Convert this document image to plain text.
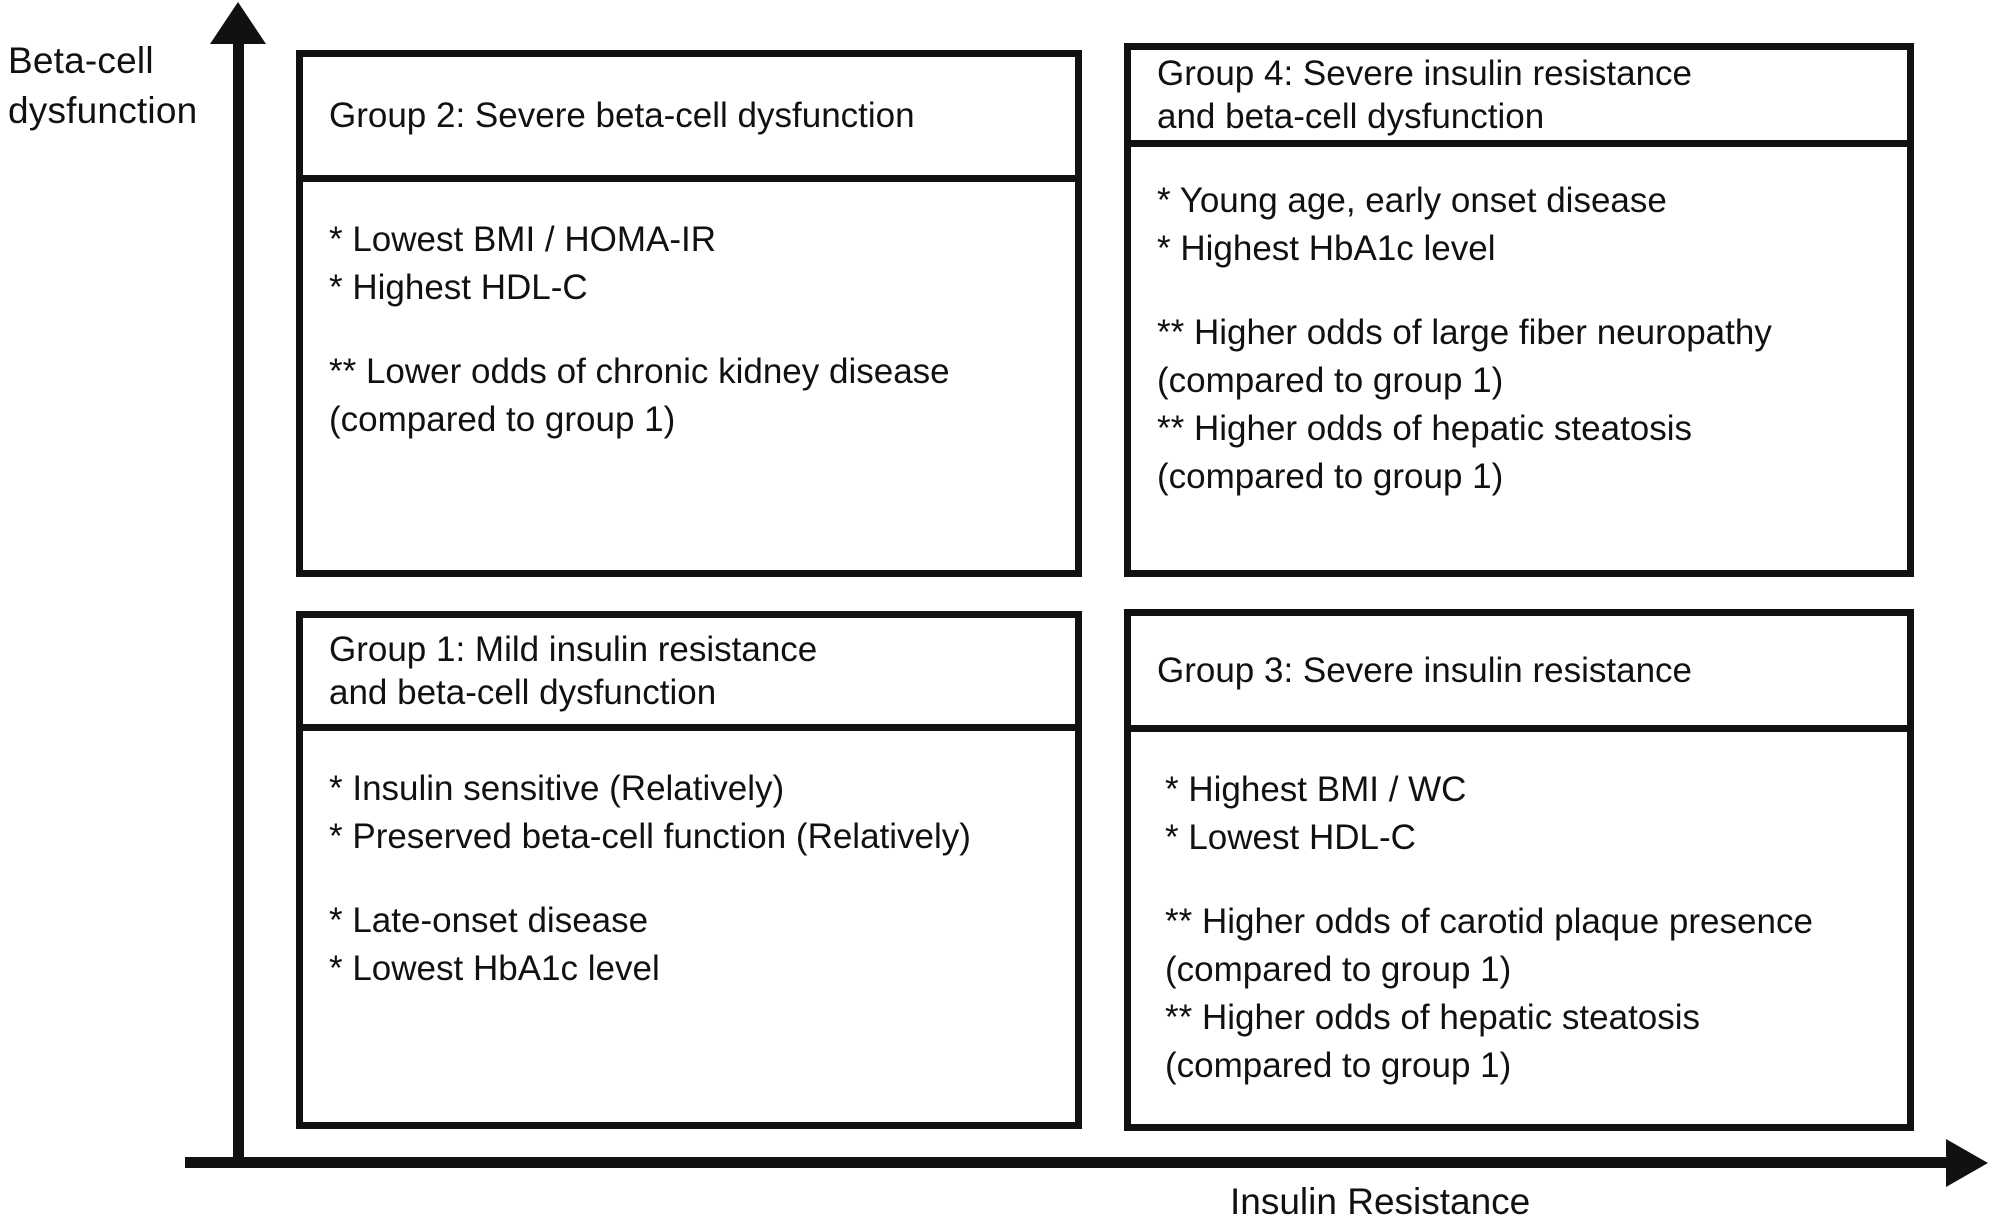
Beta-cell
dysfunction
Insulin Resistance
Group 2: Severe beta-cell dysfunction
* Lowest BMI / HOMA-IR
* Highest HDL-C
** Lower odds of chronic kidney disease
(compared to group 1)
Group 4: Severe insulin resistance
and beta-cell dysfunction
* Young age, early onset disease
* Highest HbA1c level
** Higher odds of large fiber neuropathy
(compared to group 1)
** Higher odds of hepatic steatosis
(compared to group 1)
Group 1: Mild insulin resistance
and beta-cell dysfunction
* Insulin sensitive (Relatively)
* Preserved beta-cell function (Relatively)
* Late-onset disease
* Lowest HbA1c level
Group 3: Severe insulin resistance
* Highest BMI / WC
* Lowest HDL-C
** Higher odds of carotid plaque presence
(compared to group 1)
** Higher odds of hepatic steatosis
(compared to group 1)
